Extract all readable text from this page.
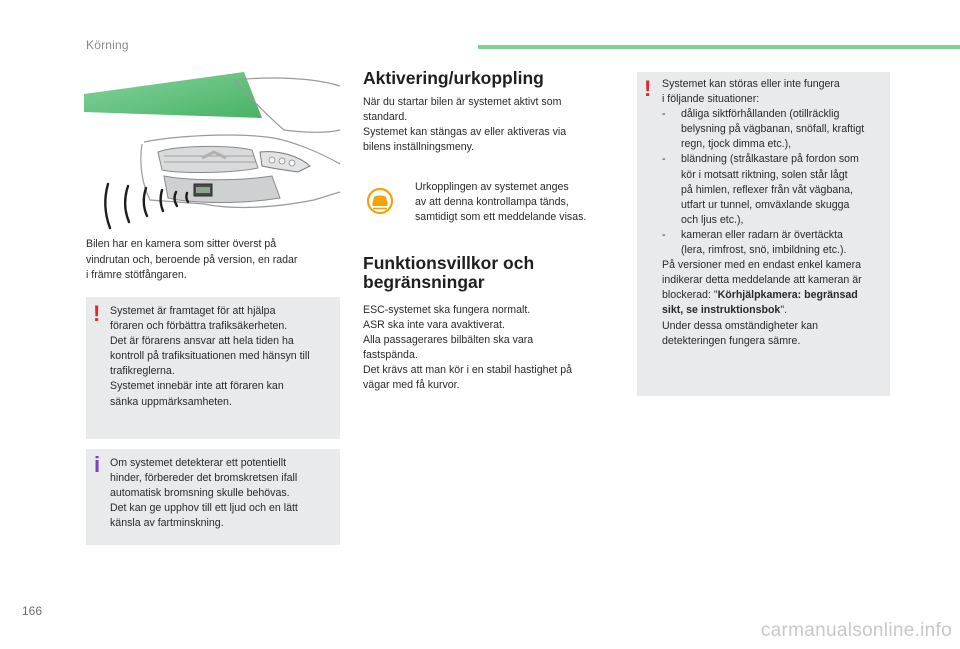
Körning
Bilen har en kamera som sitter överst på
vindrutan och, beroende på version, en radar
i främre stötfångaren.
! Systemet är framtaget för att hjälpa
föraren och förbättra trafiksäkerheten.
Det är förarens ansvar att hela tiden ha
kontroll på trafiksituationen med hänsyn till
trafikreglerna.
Systemet innebär inte att föraren kan
sänka uppmärksamheten.
i Om systemet detekterar ett potentiellt
hinder, förbereder det bromskretsen ifall
automatisk bromsning skulle behövas.
Det kan ge upphov till ett ljud och en lätt
känsla av fartminskning.
Aktivering/urkoppling
När du startar bilen är systemet aktivt som
standard.
Systemet kan stängas av eller aktiveras via
bilens inställningsmeny.
Urkopplingen av systemet anges
av att denna kontrollampa tänds,
samtidigt som ett meddelande visas.
Funktionsvillkor och
begränsningar
ESC-systemet ska fungera normalt.
ASR ska inte vara avaktiverat.
Alla passagerares bilbälten ska vara
fastspända.
Det krävs att man kör i en stabil hastighet på
vägar med få kurvor.
! Systemet kan störas eller inte fungera
i följande situationer:
-	dåliga siktförhållanden (otillräcklig
belysning på vägbanan, snöfall, kraftigt
regn, tjock dimma etc.),
-	bländning (strålkastare på fordon som
kör i motsatt riktning, solen står lågt
på himlen, reflexer från våt vägbana,
utfart ur tunnel, omväxlande skugga
och ljus etc.),
-	kameran eller radarn är övertäckta
(lera, rimfrost, snö, imbildning etc.).
På versioner med en endast enkel kamera
indikerar detta meddelande att kameran är
blockerad: "Körhjälpkamera: begränsad
sikt, se instruktionsbok".
Under dessa omständigheter kan
detekteringen fungera sämre.
166
carmanualsonline.info
